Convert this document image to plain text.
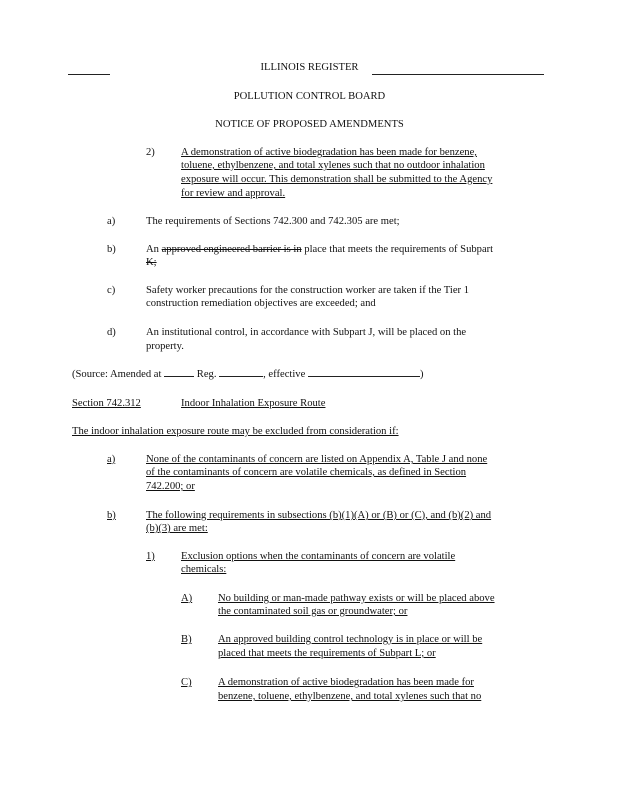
ILLINOIS REGISTER
POLLUTION CONTROL BOARD
NOTICE OF PROPOSED AMENDMENTS
2) A demonstration of active biodegradation has been made for benzene,
toluene, ethylbenzene, and total xylenes such that no outdoor inhalation
exposure will occur. This demonstration shall be submitted to the Agency
for review and approval.
a)	The requirements of Sections 742.300 and 742.305 are met;
b)	An approved engineered barrier is in place that meets the requirements of Subpart
K;
c)	Safety worker precautions for the construction worker are taken if the Tier 1
construction remediation objectives are exceeded; and
d)	An institutional control, in accordance with Subpart J, will be placed on the
property.
(Source: Amended at	Reg.	, effective	)
Section 742.312	Indoor Inhalation Exposure Route
The indoor inhalation exposure route may be excluded from consideration if:
a)	None of the contaminants of concern are listed on Appendix A, Table J and none
of the contaminants of concern are volatile chemicals, as defined in Section
742.200; or
b)	The following requirements in subsections (b)(1)(A) or (B) or (C), and (b)(2) and
(b)(3) are met:
1) Exclusion options when the contaminants of concern are volatile
chemicals:
A) No building or man-made pathway exists or will be placed above
the contaminated soil gas or groundwater; or
B) An approved building control technology is in place or will be
placed that meets the requirements of Subpart L; or
C) A demonstration of active biodegradation has been made for
benzene, toluene, ethylbenzene, and total xylenes such that no
